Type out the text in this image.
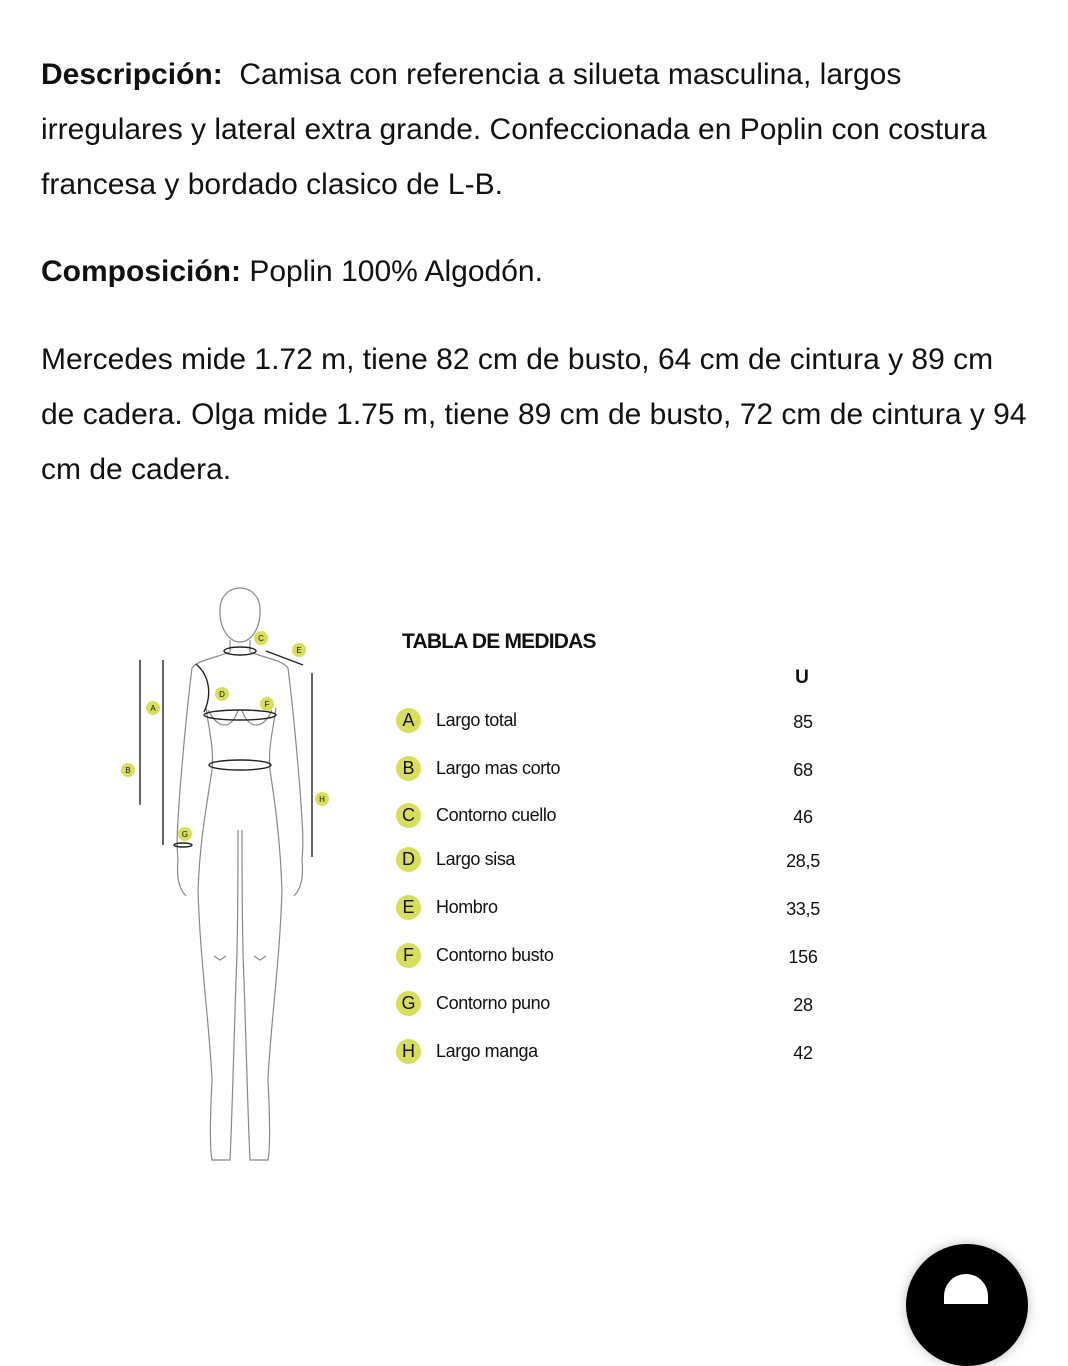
Descripción: Camisa con referencia a silueta masculina, largos irregulares y lateral extra grande. Confeccionada en Poplin con costura francesa y bordado clasico de L-B.

Composición: Poplin 100% Algodón.

Mercedes mide 1.72 m, tiene 82 cm de busto, 64 cm de cintura y 89 cm de cadera. Olga mide 1.75 m, tiene 89 cm de busto, 72 cm de cintura y 94 cm de cadera.

A
B
C
E
D
F
G
H
TABLA DE MEDIDAS
U
A	Largo total	85
B	Largo mas corto	68
C	Contorno cuello	46
D	Largo sisa	28,5
E	Hombro	33,5
F	Contorno busto	156
G	Contorno puno	28
H	Largo manga	42
